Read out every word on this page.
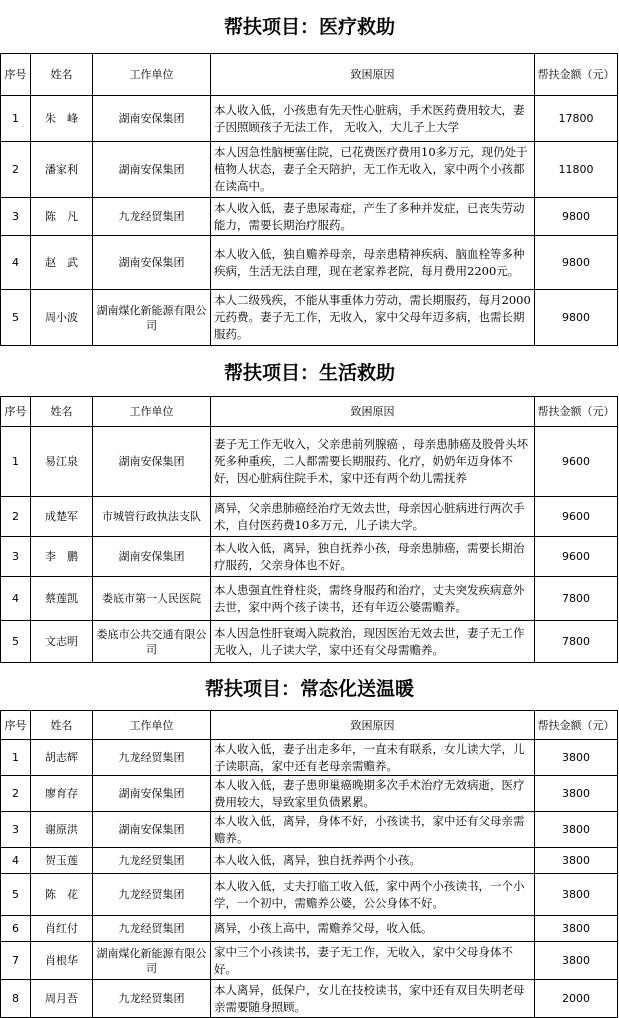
帮扶项目：医疗救助
序号	姓名	工作单位	致困原因	帮扶金额（元）
1	朱　峰	湖南安保集团	本人收入低，小孩患有先天性心脏病，手术医药费用较大，妻子因照顾孩子无法工作， 无收入，大儿子上大学	17800
2	潘家利	湖南安保集团	本人因急性脑梗塞住院，已花费医疗费用10多万元，现仍处于植物人状态，妻子全天陪护，无工作无收入，家中两个小孩都在读高中。	11800
3	陈　凡	九龙经贸集团	本人收入低，妻子患尿毒症，产生了多种并发症，已丧失劳动能力，需要长期治疗服药。	9800
4	赵　武	湖南安保集团	本人收入低，独自赡养母亲，母亲患精神疾病、脑血栓等多种疾病，生活无法自理，现在老家养老院，每月费用2200元。	9800
5	周小波	湖南煤化新能源有限公司	本人二级残疾，不能从事重体力劳动，需长期服药，每月2000元药费。妻子无工作，无收入，家中父母年迈多病，也需长期服药。	9800
帮扶项目：生活救助
序号	姓名	工作单位	致困原因	帮扶金额（元）
1	易江泉	湖南安保集团	妻子无工作无收入，父亲患前列腺癌 ，母亲患肺癌及股骨头坏死多种重疾，二人都需要长期服药、化疗，奶奶年迈身体不好，因心脏病住院手术，家中还有两个幼儿需抚养	9600
2	成楚军	市城管行政执法支队	离异，父亲患肺癌经治疗无效去世，母亲因心脏病进行两次手术，自付医药费10多万元，儿子读大学。	9600
3	李　鹏	湖南安保集团	本人收入低，离异，独自抚养小孩，母亲患肺癌，需要长期治疗服药，父亲身体也不好。	9600
4	蔡莲凯	娄底市第一人民医院	本人患强直性脊柱炎，需终身服药和治疗，丈夫突发疾病意外去世，家中两个孩子读书，还有年迈公婆需赡养。	7800
5	文志明	娄底市公共交通有限公司	本人因急性肝衰竭入院救治，现因医治无效去世，妻子无工作无收入，儿子读大学，家中还有父母需赡养。	7800
帮扶项目：常态化送温暖
序号	姓名	工作单位	致困原因	帮扶金额（元）
1	胡志辉	九龙经贸集团	本人收入低，妻子出走多年，一直未有联系，女儿读大学，儿子读职高，家中还有老母亲需赡养。	3800
2	廖育存	湖南安保集团	本人收入低，妻子患卵巢癌晚期多次手术治疗无效病逝，医疗费用较大，导致家里负债累累。	3800
3	谢原洪	湖南安保集团	本人收入低，离异，身体不好，小孩读书，家中还有父母亲需赡养。	3800
4	贺玉莲	九龙经贸集团	本人收入低，离异，独自抚养两个小孩。	3800
5	陈　花	九龙经贸集团	本人收入低，丈夫打临工收入低，家中两个小孩读书，一个小学，一个初中，需赡养公婆，公公身体不好。	3800
6	肖红付	九龙经贸集团	离异，小孩上高中，需赡养父母，收入低。	3800
7	肖根华	湖南煤化新能源有限公司	家中三个小孩读书，妻子无工作，无收入，家中父母身体不好。	3800
8	周月吾	九龙经贸集团	本人离异，低保户，女儿在技校读书，家中还有双目失明老母亲需要随身照顾。	2000
